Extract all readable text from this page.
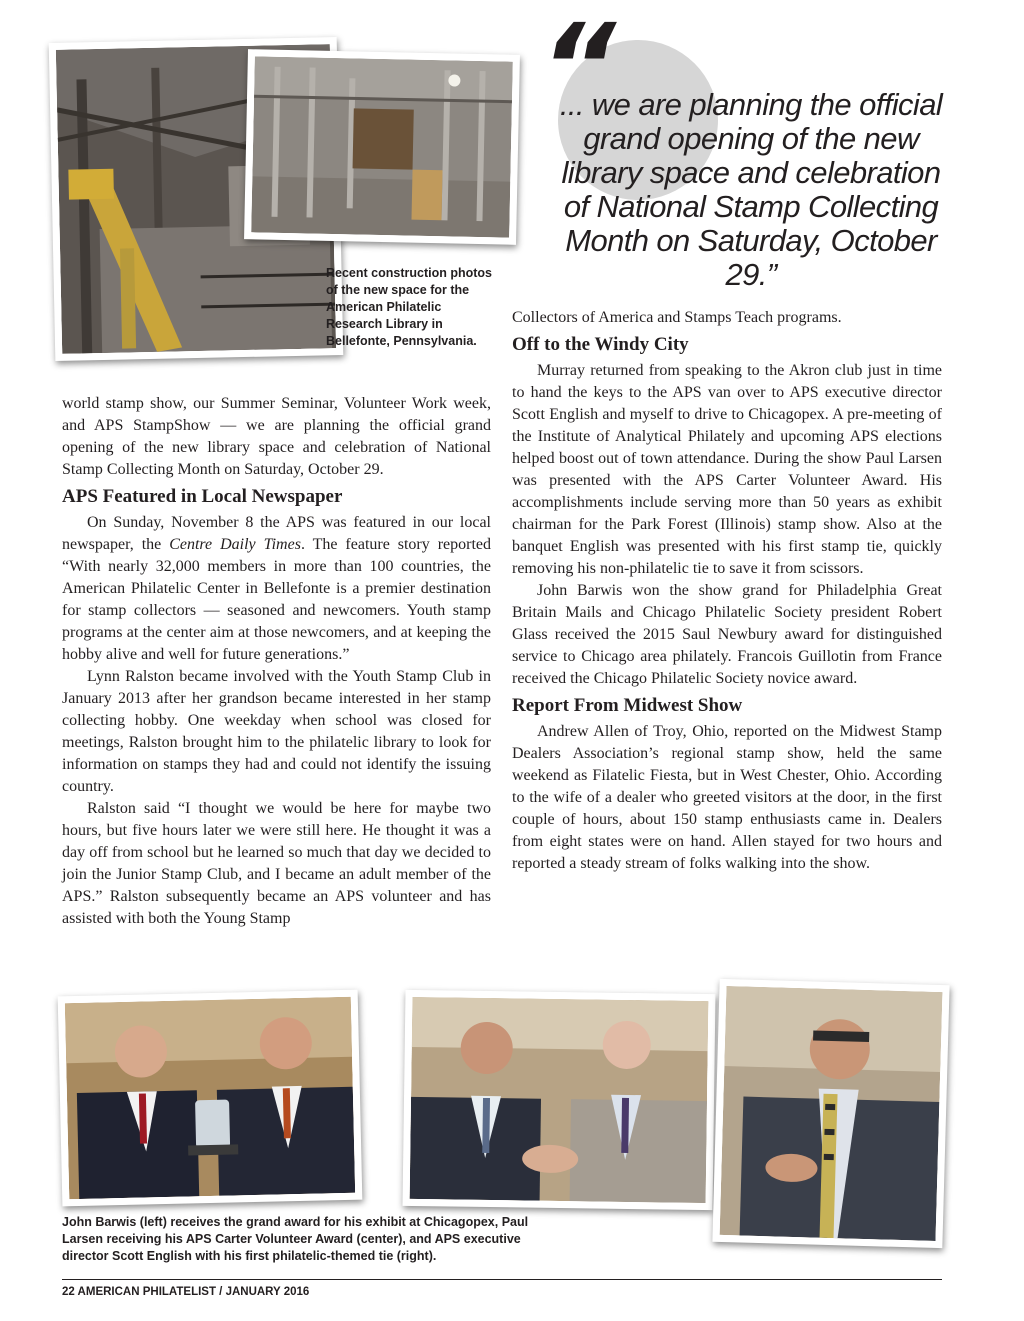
Recent construction photos of the new space for the American Philatelic Research Library in Bellefonte, Pennsylvania.
“
... we are planning the official grand opening of the new library space and celebration of National Stamp Collecting Month on Saturday, October 29.”

world stamp show, our Summer Seminar, Volunteer Work week, and APS StampShow — we are planning the official grand opening of the new library space and celebration of National Stamp Collecting Month on Saturday, October 29.

APS Featured in Local Newspaper

On Sunday, November 8 the APS was featured in our local newspaper, the Centre Daily Times. The feature story reported “With nearly 32,000 members in more than 100 countries, the American Philatelic Center in Bellefonte is a premier destination for stamp collectors — seasoned and newcomers. Youth stamp programs at the center aim at those newcomers, and at keeping the hobby alive and well for future generations.”

Lynn Ralston became involved with the Youth Stamp Club in January 2013 after her grandson became interested in her stamp collecting hobby. One weekday when school was closed for meetings, Ralston brought him to the philatelic library to look for information on stamps they had and could not identify the issuing country.

Ralston said “I thought we would be here for maybe two hours, but five hours later we were still here. He thought it was a day off from school but he learned so much that day we decided to join the Junior Stamp Club, and I became an adult member of the APS.” Ralston subsequently became an APS volunteer and has assisted with both the Young Stamp

Collectors of America and Stamps Teach programs.

Off to the Windy City

Murray returned from speaking to the Akron club just in time to hand the keys to the APS van over to APS executive director Scott English and myself to drive to Chicagopex. A pre-meeting of the Institute of Analytical Philately and upcoming APS elections helped boost out of town attendance. During the show Paul Larsen was presented with the APS Carter Volunteer Award. His accomplishments include serving more than 50 years as exhibit chairman for the Park Forest (Illinois) stamp show. Also at the banquet English was presented with his first stamp tie, quickly removing his non-philatelic tie to save it from scissors.

John Barwis won the show grand for Philadelphia Great Britain Mails and Chicago Philatelic Society president Robert Glass received the 2015 Saul Newbury award for distinguished service to Chicago area philately. Francois Guillotin from France received the Chicago Philatelic Society novice award.

Report From Midwest Show

Andrew Allen of Troy, Ohio, reported on the Midwest Stamp Dealers Association’s regional stamp show, held the same weekend as Filatelic Fiesta, but in West Chester, Ohio. According to the wife of a dealer who greeted visitors at the door, in the first couple of hours, about 150 stamp enthusiasts came in. Dealers from eight states were on hand. Allen stayed for two hours and reported a steady stream of folks walking into the show.

John Barwis (left) receives the grand award for his exhibit at Chicagopex, Paul Larsen receiving his APS Carter Volunteer Award (center), and APS executive director Scott English with his first philatelic-themed tie (right).
22 AMERICAN PHILATELIST / JANUARY 2016
